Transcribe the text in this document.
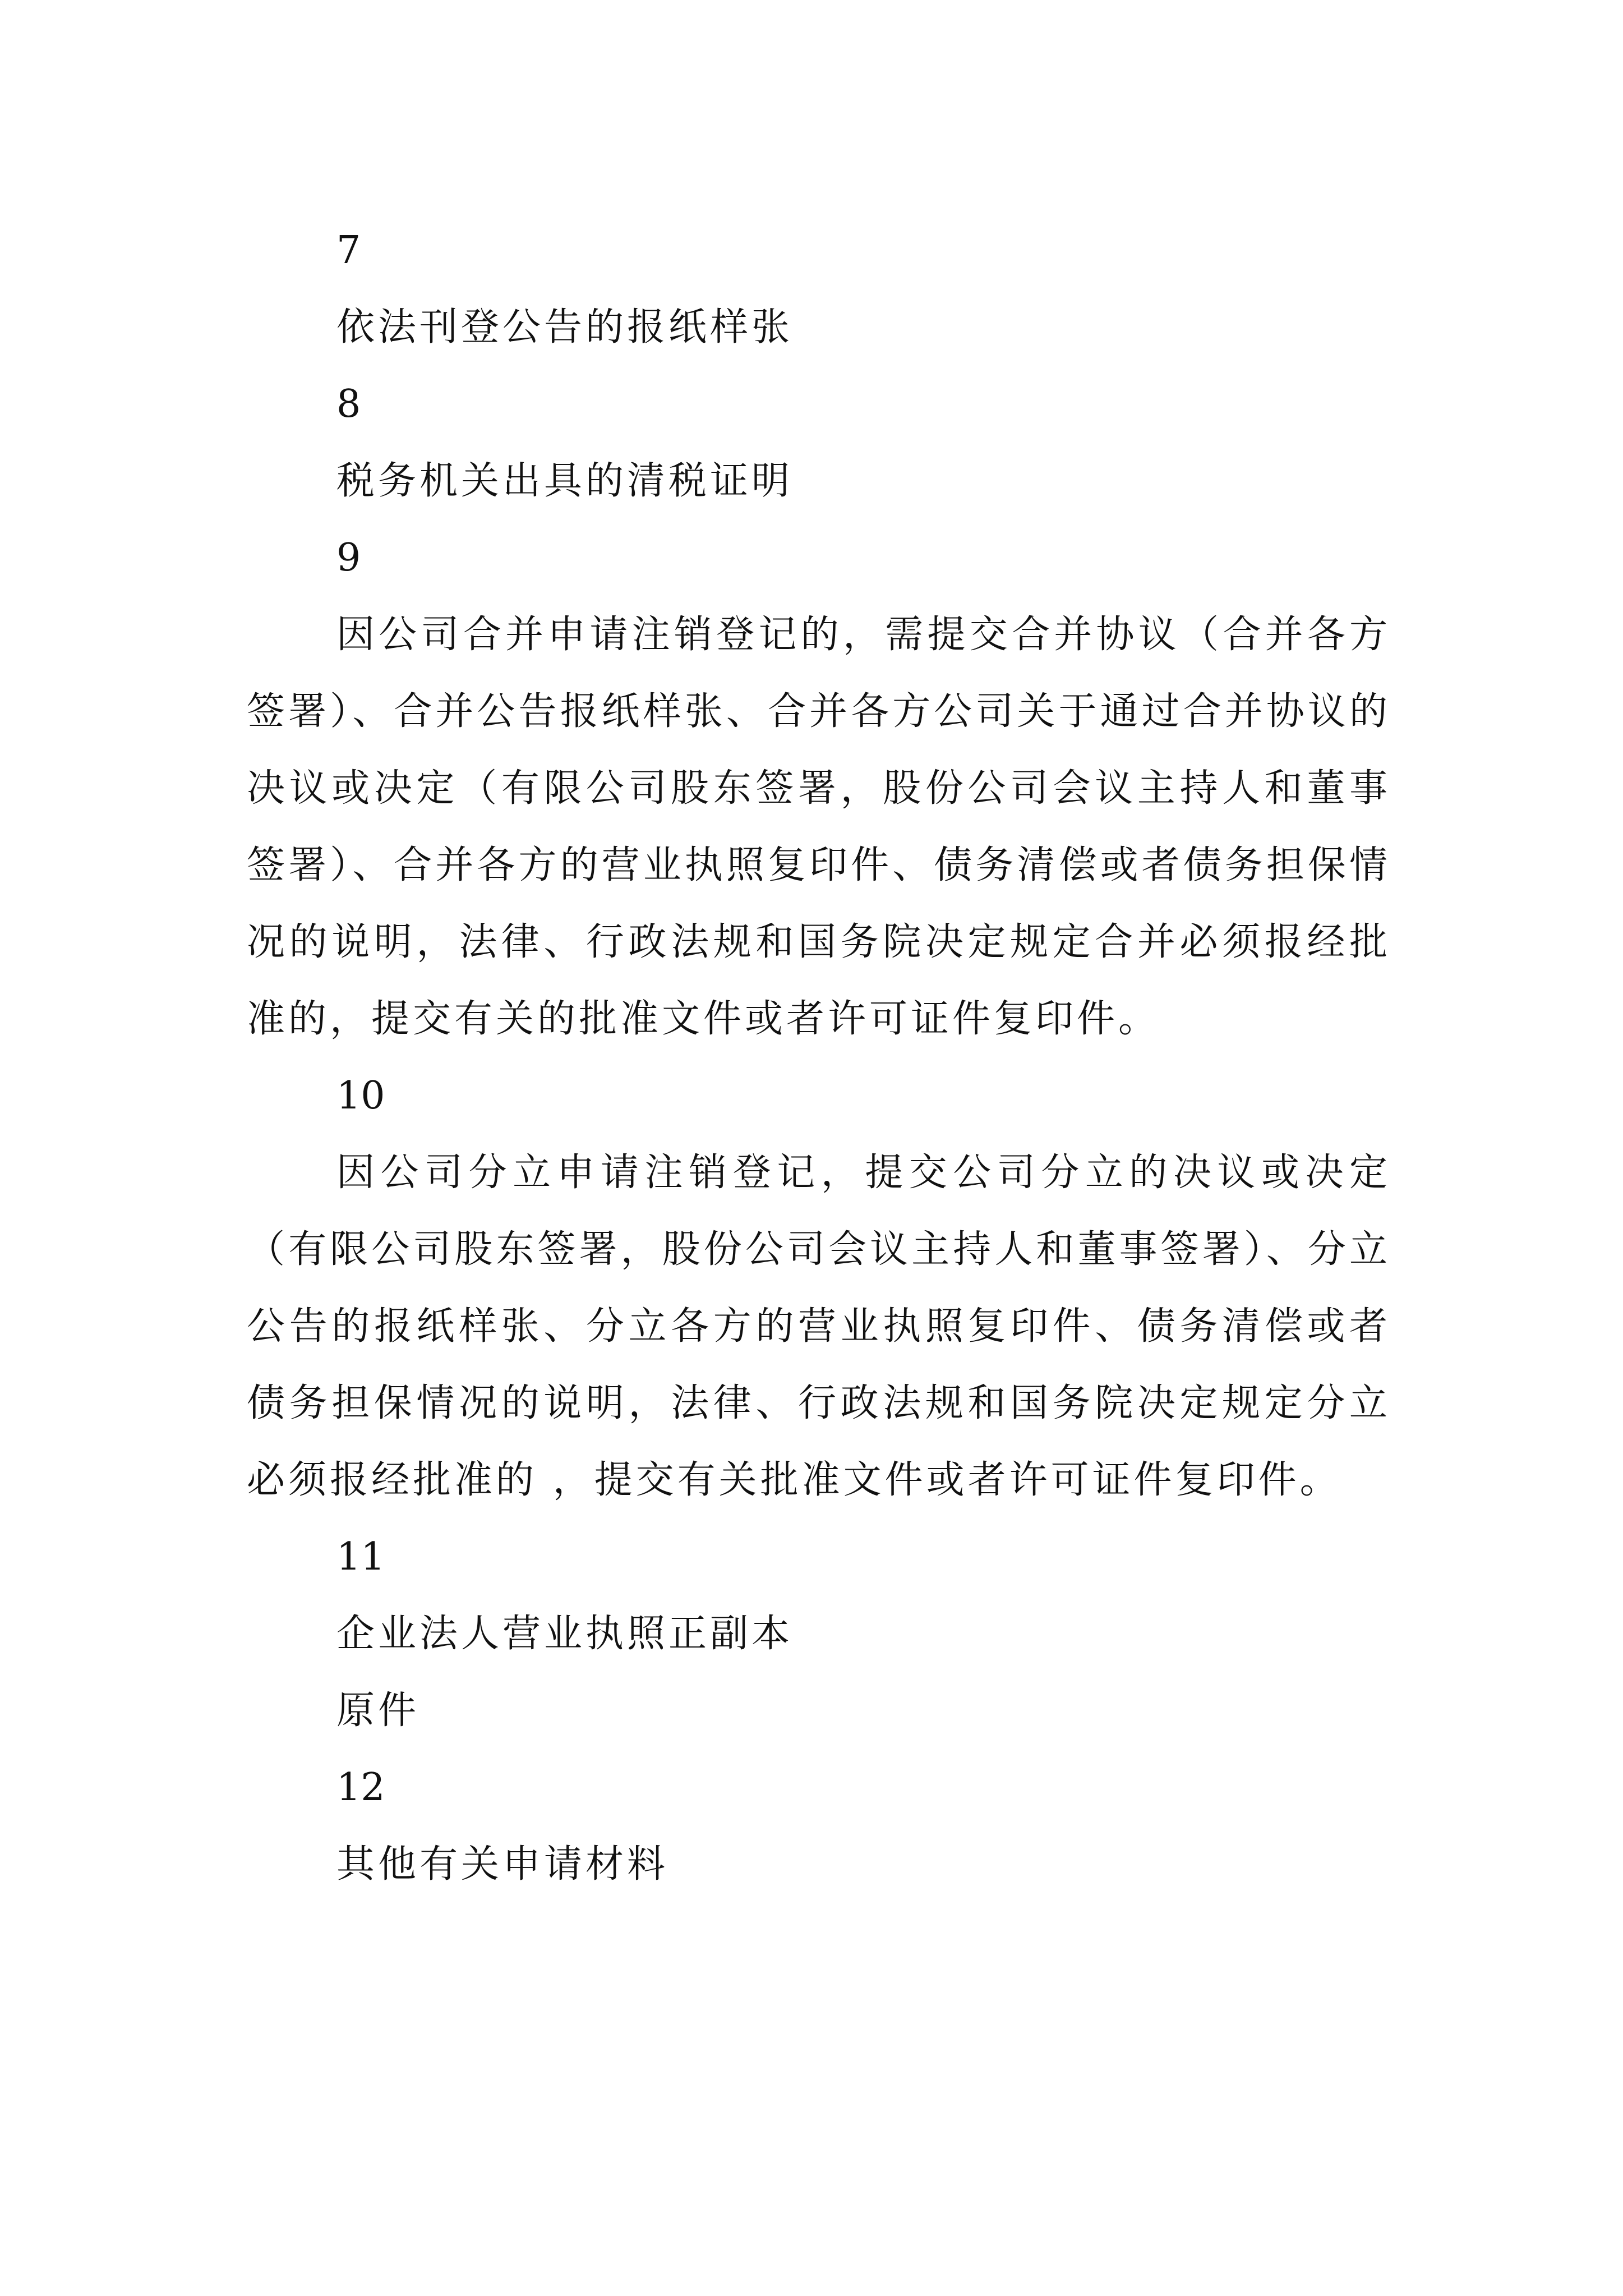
7
依法刊登公告的报纸样张
8
税务机关出具的清税证明
9
因公司合并申请注销登记的，需提交合并协议（合并各方签署）、合并公告报纸样张、合并各方公司关于通过合并协议的决议或决定（有限公司股东签署，股份公司会议主持人和董事签署）、合并各方的营业执照复印件、债务清偿或者债务担保情况的说明，法律、行政法规和国务院决定规定合并必须报经批准的，提交有关的批准文件或者许可证件复印件。
10
因公司分立申请注销登记，提交公司分立的决议或决定（有限公司股东签署，股份公司会议主持人和董事签署）、分立公告的报纸样张、分立各方的营业执照复印件、债务清偿或者债务担保情况的说明，法律、行政法规和国务院决定规定分立必须报经批准的 ，提交有关批准文件或者许可证件复印件。
11
企业法人营业执照正副本
原件
12
其他有关申请材料
